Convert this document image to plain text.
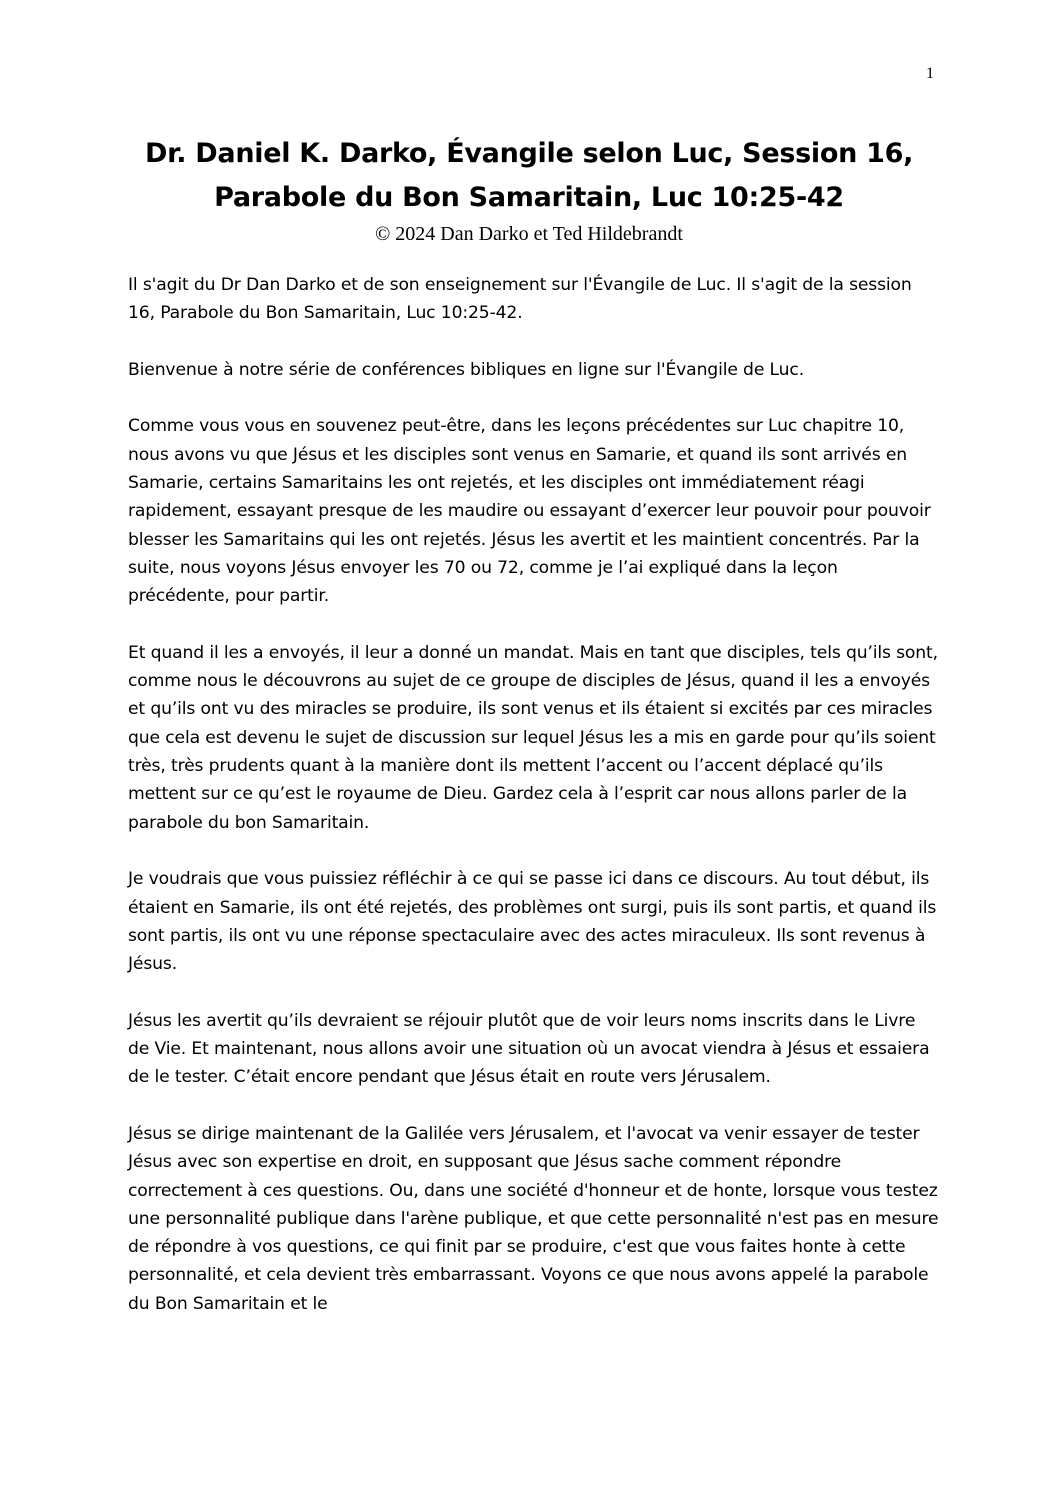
1
Dr. Daniel K. Darko, Évangile selon Luc, Session 16,
Parabole du Bon Samaritain, Luc 10:25-42
© 2024 Dan Darko et Ted Hildebrandt

Il s'agit du Dr Dan Darko et de son enseignement sur l'Évangile de Luc. Il s'agit de la session 16, Parabole du Bon Samaritain, Luc 10:25-42.

Bienvenue à notre série de conférences bibliques en ligne sur l'Évangile de Luc.

Comme vous vous en souvenez peut-être, dans les leçons précédentes sur Luc chapitre 10, nous avons vu que Jésus et les disciples sont venus en Samarie, et quand ils sont arrivés en Samarie, certains Samaritains les ont rejetés, et les disciples ont immédiatement réagi rapidement, essayant presque de les maudire ou essayant d’exercer leur pouvoir pour pouvoir blesser les Samaritains qui les ont rejetés. Jésus les avertit et les maintient concentrés. Par la suite, nous voyons Jésus envoyer les 70 ou 72, comme je l’ai expliqué dans la leçon précédente, pour partir.

Et quand il les a envoyés, il leur a donné un mandat. Mais en tant que disciples, tels qu’ils sont, comme nous le découvrons au sujet de ce groupe de disciples de Jésus, quand il les a envoyés et qu’ils ont vu des miracles se produire, ils sont venus et ils étaient si excités par ces miracles que cela est devenu le sujet de discussion sur lequel Jésus les a mis en garde pour qu’ils soient très, très prudents quant à la manière dont ils mettent l’accent ou l’accent déplacé qu’ils mettent sur ce qu’est le royaume de Dieu. Gardez cela à l’esprit car nous allons parler de la parabole du bon Samaritain.

Je voudrais que vous puissiez réfléchir à ce qui se passe ici dans ce discours. Au tout début, ils étaient en Samarie, ils ont été rejetés, des problèmes ont surgi, puis ils sont partis, et quand ils sont partis, ils ont vu une réponse spectaculaire avec des actes miraculeux. Ils sont revenus à Jésus.

Jésus les avertit qu’ils devraient se réjouir plutôt que de voir leurs noms inscrits dans le Livre de Vie. Et maintenant, nous allons avoir une situation où un avocat viendra à Jésus et essaiera de le tester. C’était encore pendant que Jésus était en route vers Jérusalem.

Jésus se dirige maintenant de la Galilée vers Jérusalem, et l'avocat va venir essayer de tester Jésus avec son expertise en droit, en supposant que Jésus sache comment répondre correctement à ces questions. Ou, dans une société d'honneur et de honte, lorsque vous testez une personnalité publique dans l'arène publique, et que cette personnalité n'est pas en mesure de répondre à vos questions, ce qui finit par se produire, c'est que vous faites honte à cette personnalité, et cela devient très embarrassant. Voyons ce que nous avons appelé la parabole du Bon Samaritain et le
